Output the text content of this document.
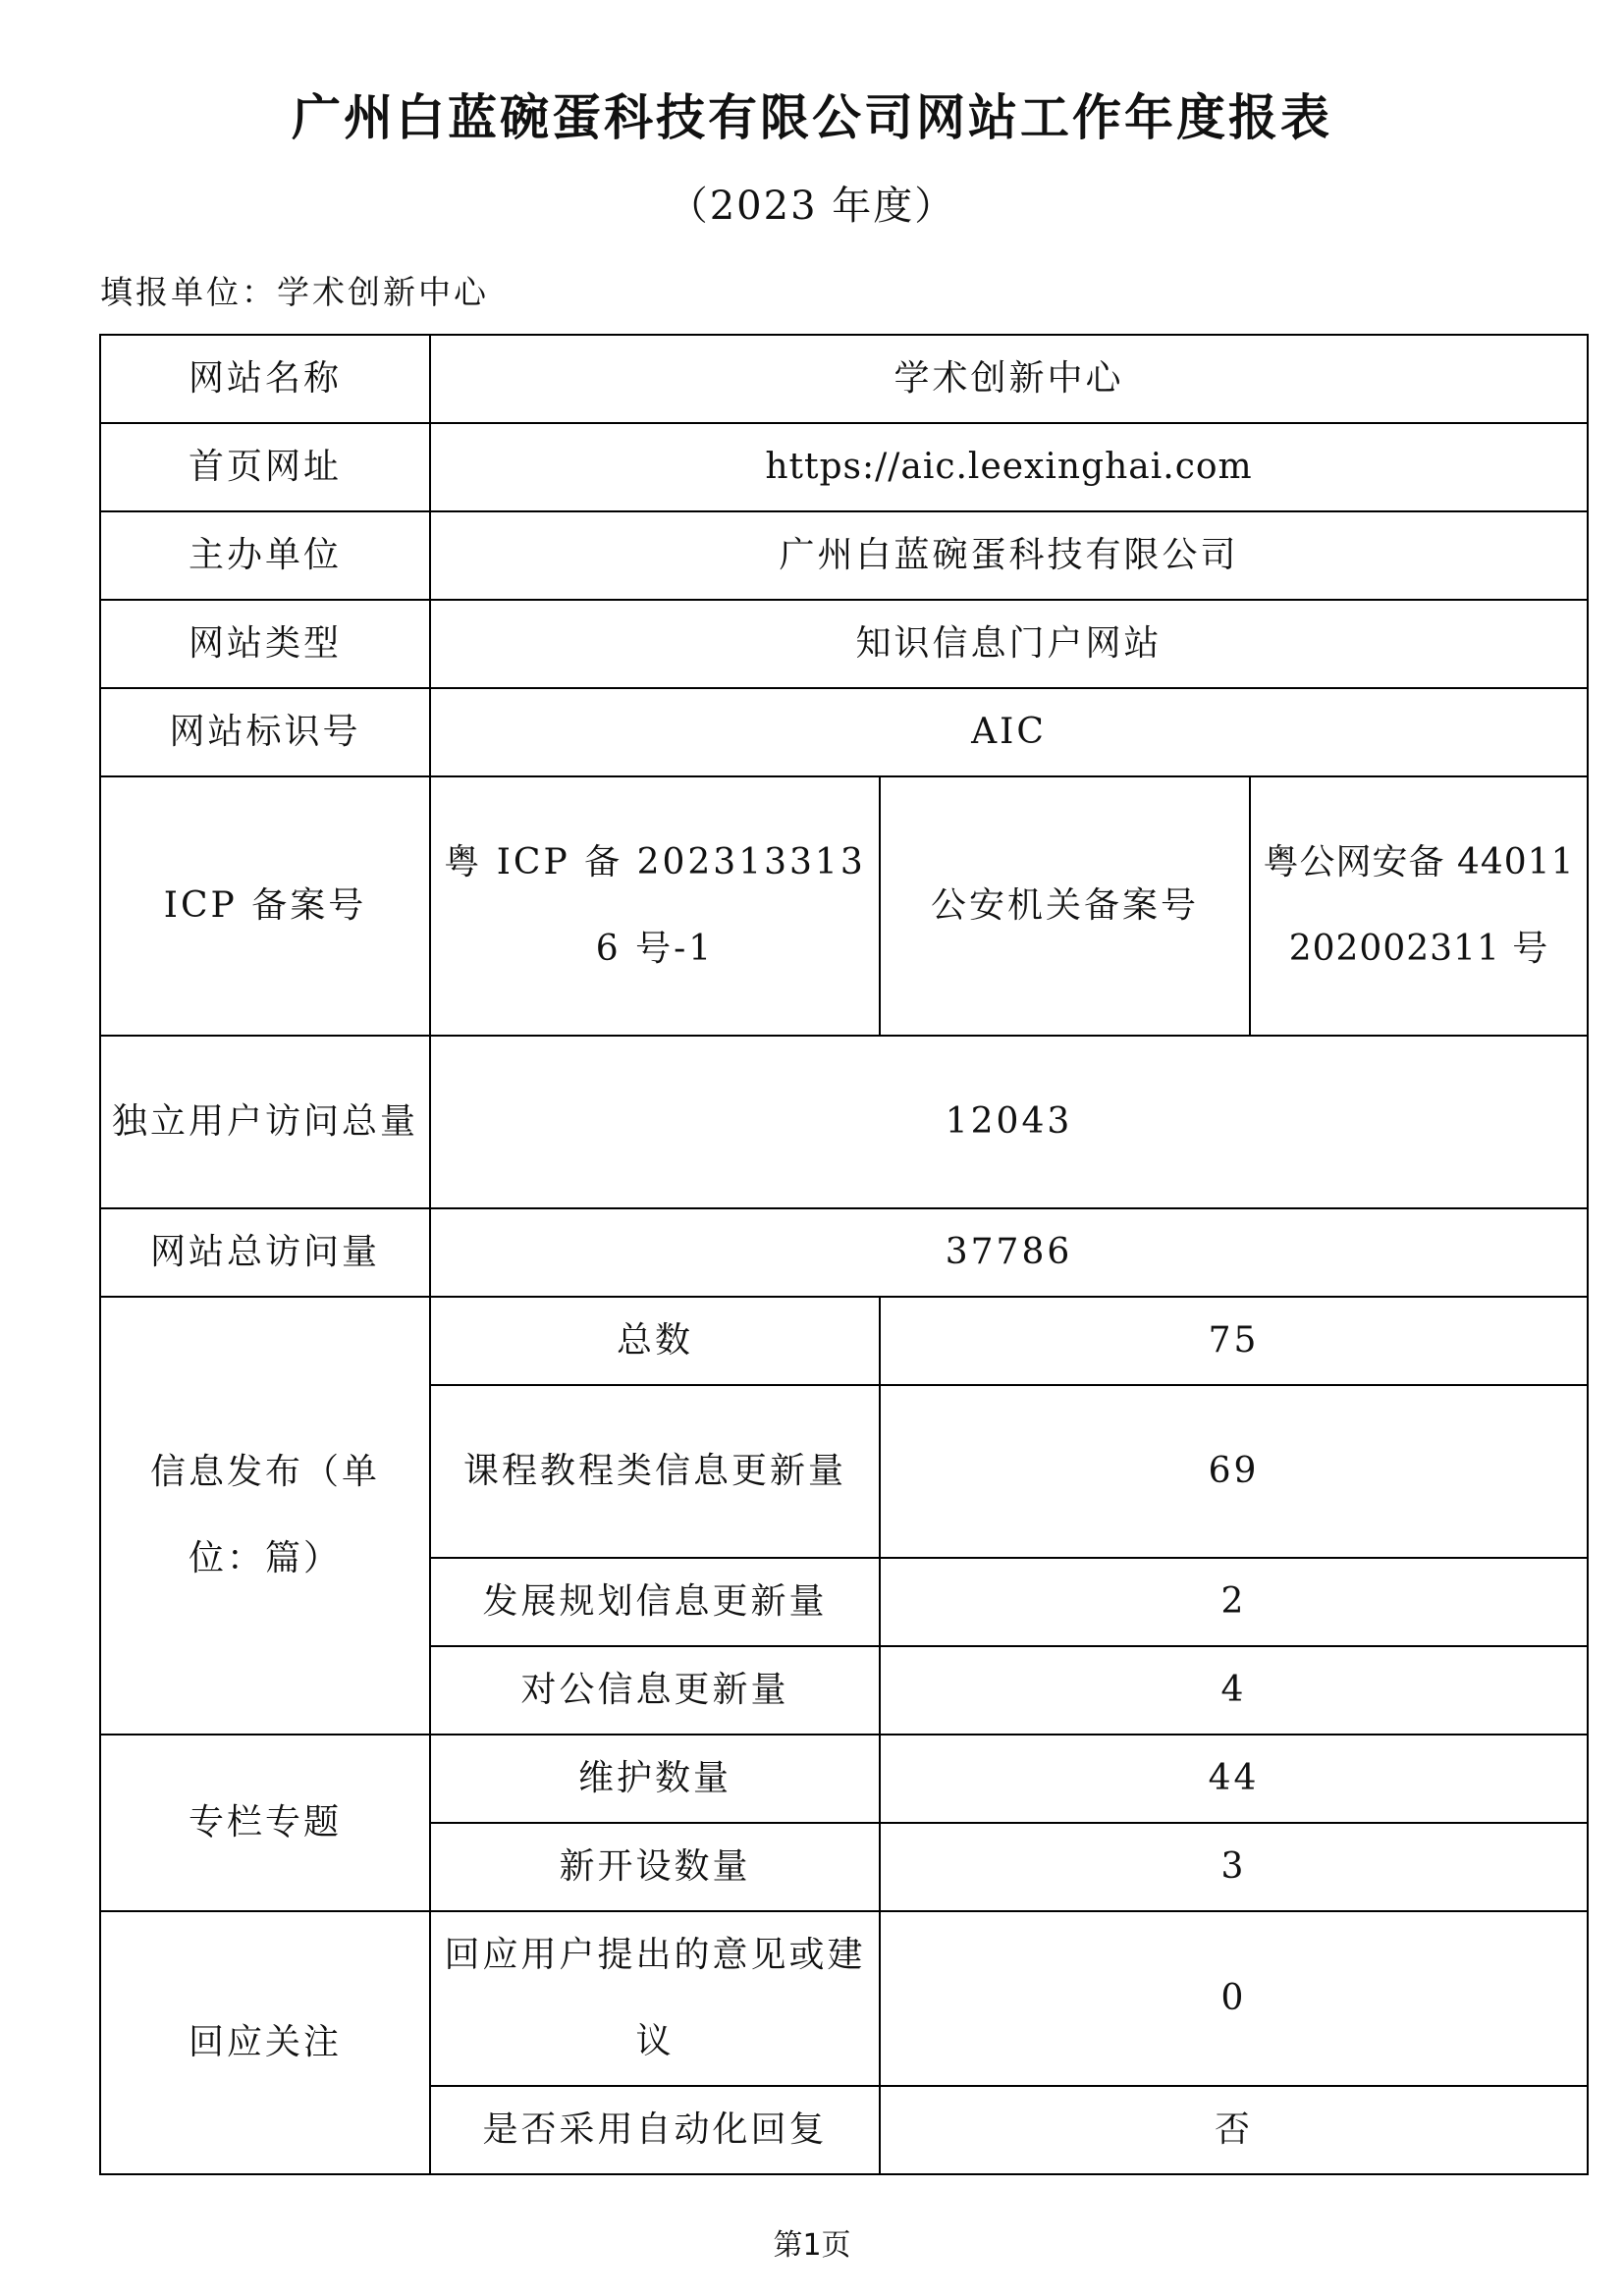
广州白蓝碗蛋科技有限公司网站工作年度报表
（2023 年度）
填报单位：学术创新中心
网站名称	学术创新中心		
首页网址	https://aic.leexinghai.com		
主办单位	广州白蓝碗蛋科技有限公司		
网站类型	知识信息门户网站		
网站标识号	AIC		
ICP 备案号	粤 ICP 备 2023133136 号-1	公安机关备案号	粤公网安备 44011202002311 号
独立用户访问总量	12043		
网站总访问量	37786		
信息发布（单位：篇）	总数	75	
	课程教程类信息更新量	69	
	发展规划信息更新量	2	
	对公信息更新量	4	
专栏专题	维护数量	44	
	新开设数量	3	
回应关注	回应用户提出的意见或建议	0	
	是否采用自动化回复	否	
第1页
